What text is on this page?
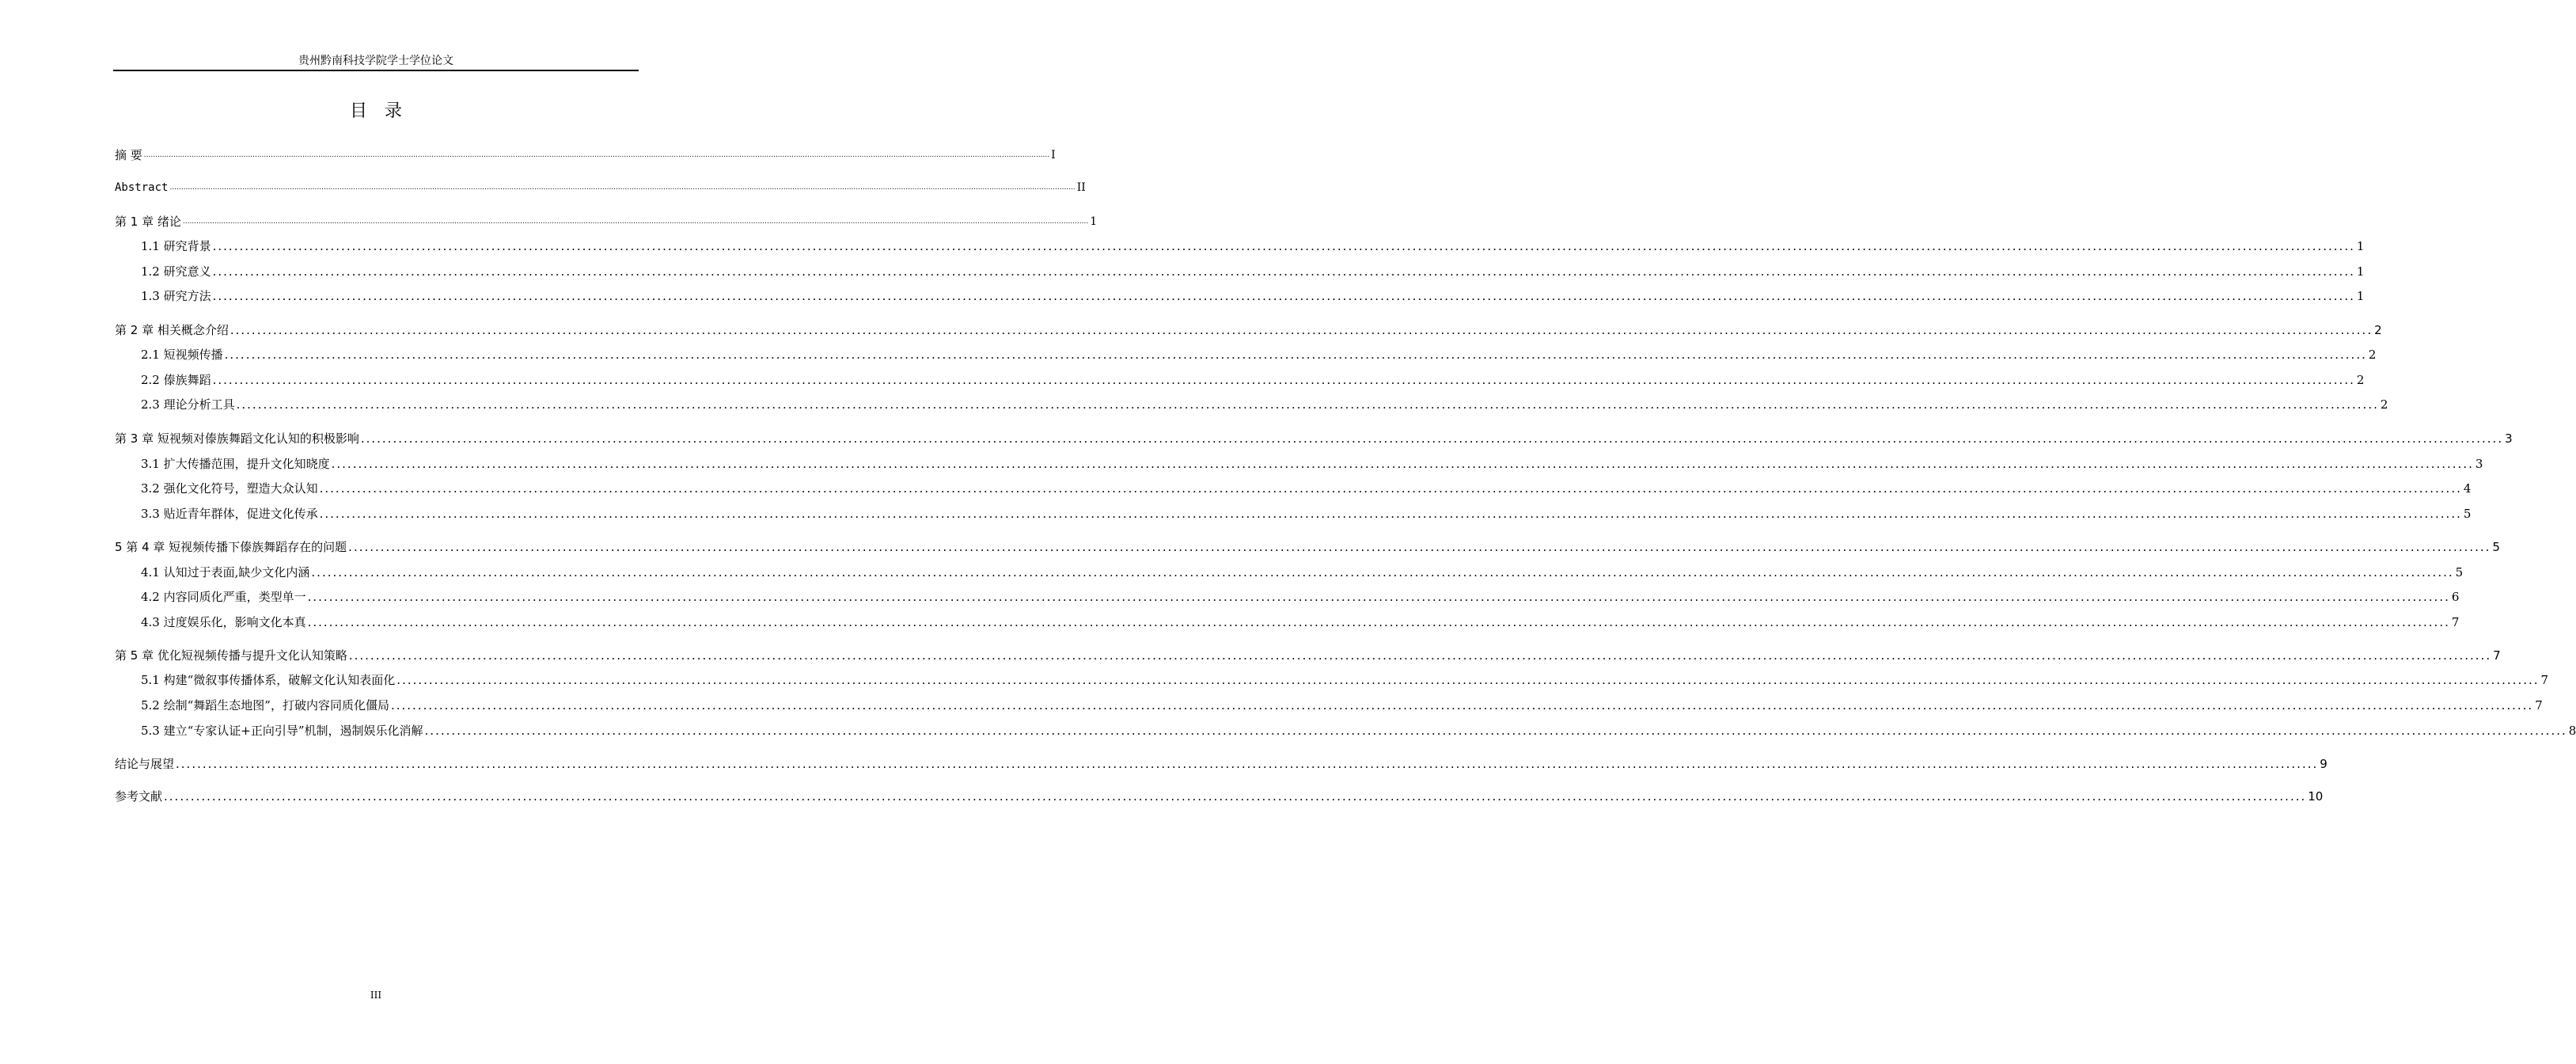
贵州黔南科技学院学士学位论文
目录
摘 要 ................................................................................................................................................................................................................................................................................................................................................................................................................ I
Abstract ................................................................................................................................................................................................................................................................................................................................................................................................................ II
第 1 章 绪论 ................................................................................................................................................................................................................................................................................................................................................................................................................ 1
1.1 研究背景 ................................................................................................................................................................................................................................................................................................................................................................................................................ 1
1.2 研究意义 ................................................................................................................................................................................................................................................................................................................................................................................................................ 1
1.3 研究方法 ................................................................................................................................................................................................................................................................................................................................................................................................................ 1
第 2 章 相关概念介绍 ................................................................................................................................................................................................................................................................................................................................................................................................................ 2
2.1 短视频传播 ................................................................................................................................................................................................................................................................................................................................................................................................................ 2
2.2 傣族舞蹈 ................................................................................................................................................................................................................................................................................................................................................................................................................ 2
2.3 理论分析工具 ................................................................................................................................................................................................................................................................................................................................................................................................................ 2
第 3 章 短视频对傣族舞蹈文化认知的积极影响 ................................................................................................................................................................................................................................................................................................................................................................................................................ 3
3.1 扩大传播范围，提升文化知晓度 ................................................................................................................................................................................................................................................................................................................................................................................................................ 3
3.2 强化文化符号，塑造大众认知 ................................................................................................................................................................................................................................................................................................................................................................................................................ 4
3.3 贴近青年群体，促进文化传承 ................................................................................................................................................................................................................................................................................................................................................................................................................ 5
5 第 4 章 短视频传播下傣族舞蹈存在的问题 ................................................................................................................................................................................................................................................................................................................................................................................................................ 5
4.1 认知过于表面,缺少文化内涵 ................................................................................................................................................................................................................................................................................................................................................................................................................ 5
4.2 内容同质化严重，类型单一 ................................................................................................................................................................................................................................................................................................................................................................................................................ 6
4.3 过度娱乐化，影响文化本真 ................................................................................................................................................................................................................................................................................................................................................................................................................ 7
第 5 章 优化短视频传播与提升文化认知策略 ................................................................................................................................................................................................................................................................................................................................................................................................................ 7
5.1 构建“微叙事传播体系，破解文化认知表面化 ................................................................................................................................................................................................................................................................................................................................................................................................................ 7
5.2 绘制“舞蹈生态地图”，打破内容同质化僵局 ................................................................................................................................................................................................................................................................................................................................................................................................................ 7
5.3 建立“专家认证+正向引导”机制，遏制娱乐化消解 ................................................................................................................................................................................................................................................................................................................................................................................................................ 8
结论与展望 ................................................................................................................................................................................................................................................................................................................................................................................................................ 9
参考文献 ................................................................................................................................................................................................................................................................................................................................................................................................................ 10
III
